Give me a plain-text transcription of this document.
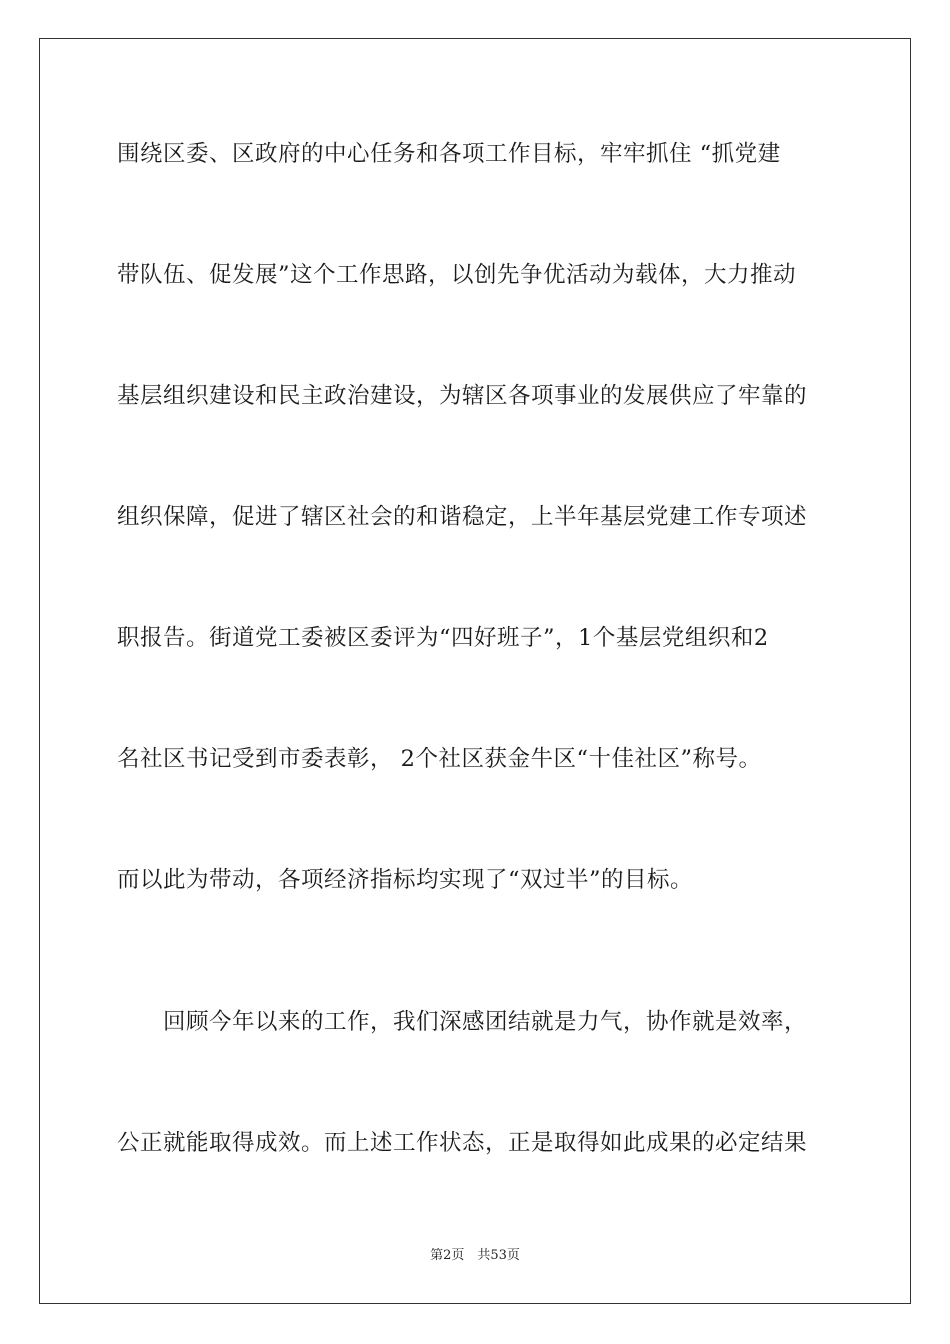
围绕区委、区政府的中心任务和各项工作目标，牢牢抓住 “抓党建
带队伍、促发展”这个工作思路，以创先争优活动为载体，大力推动
基层组织建设和民主政治建设，为辖区各项事业的发展供应了牢靠的
组织保障，促进了辖区社会的和谐稳定，上半年基层党建工作专项述
职报告。街道党工委被区委评为“四好班子”，1个基层党组织和2
名社区书记受到市委表彰， 2个社区获金牛区“十佳社区”称号。
而以此为带动，各项经济指标均实现了“双过半”的目标。
　　回顾今年以来的工作，我们深感团结就是力气，协作就是效率，
公正就能取得成效。而上述工作状态，正是取得如此成果的必定结果
第2页　共53页
